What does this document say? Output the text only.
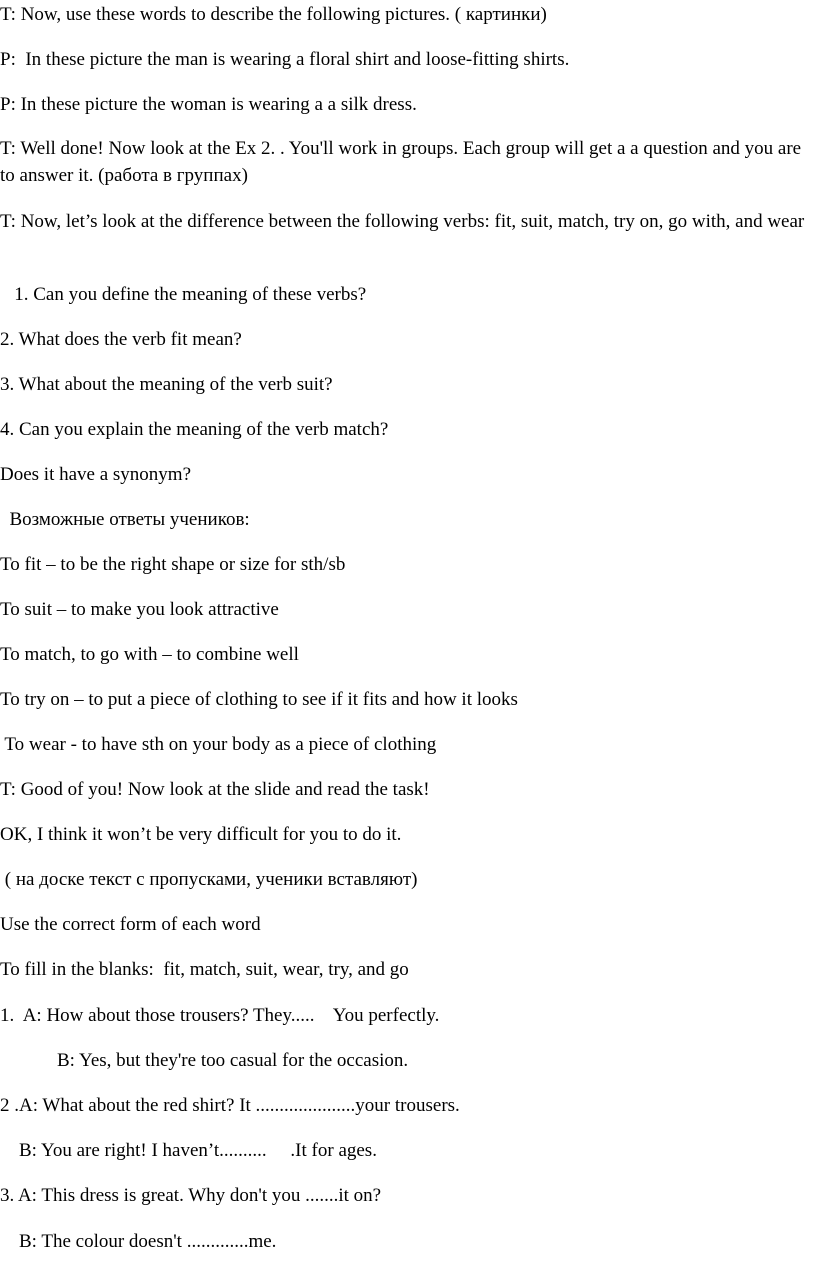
T: Now, use these words to describe the following pictures. ( картинки)
P:  In these picture the man is wearing a floral shirt and loose-fitting shirts.
P: In these picture the woman is wearing a a silk dress.
T: Well done! Now look at the Ex 2. . You'll work in groups. Each group will get a a question and you are to answer it. (работа в группах)
T: Now, let’s look at the difference between the following verbs: fit, suit, match, try on, go with, and wear
1. Can you define the meaning of these verbs?
2. What does the verb fit mean?
3. What about the meaning of the verb suit?
4. Can you explain the meaning of the verb match?
Does it have a synonym?
Возможные ответы учеников:
To fit – to be the right shape or size for sth/sb
To suit – to make you look attractive
To match, to go with – to combine well
To try on – to put a piece of clothing to see if it fits and how it looks
To wear - to have sth on your body as a piece of clothing
T: Good of you! Now look at the slide and read the task!
OK, I think it won’t be very difficult for you to do it.
( на доске текст с пропусками, ученики вставляют)
Use the correct form of each word
To fill in the blanks:  fit, match, suit, wear, try, and go
1.  A: How about those trousers? They.....    You perfectly.
B: Yes, but they're too casual for the occasion.
2 .A: What about the red shirt? It .....................your trousers.
B: You are right! I haven’t..........     .It for ages.
3. A: This dress is great. Why don't you .......it on?
B: The colour doesn't .............me.
